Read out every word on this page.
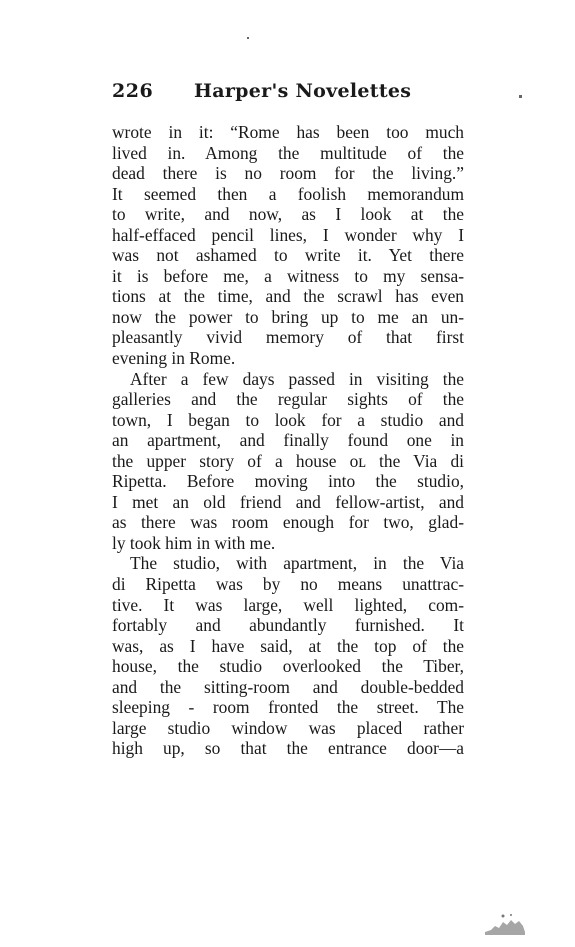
226	Harper's Novelettes
wrote in it: “Rome has been too much
lived in. Among the multitude of the
dead there is no room for the living.”
It seemed then a foolish memorandum
to write, and now, as I look at the
half-effaced pencil lines, I wonder why I
was not ashamed to write it. Yet there
it is before me, a witness to my sensa-
tions at the time, and the scrawl has even
now the power to bring up to me an un-
pleasantly vivid memory of that first
evening in Rome.
After a few days passed in visiting the
galleries and the regular sights of the
town, I began to look for a studio and
an apartment, and finally found one in
the upper story of a house oʟ the Via di
Ripetta. Before moving into the studio,
I met an old friend and fellow-artist, and
as there was room enough for two, glad-
ly took him in with me.
The studio, with apartment, in the Via
di Ripetta was by no means unattrac-
tive. It was large, well lighted, com-
fortably and abundantly furnished. It
was, as I have said, at the top of the
house, the studio overlooked the Tiber,
and the sitting-room and double-bedded
sleeping - room fronted the street. The
large studio window was placed rather
high up, so that the entrance door—a
